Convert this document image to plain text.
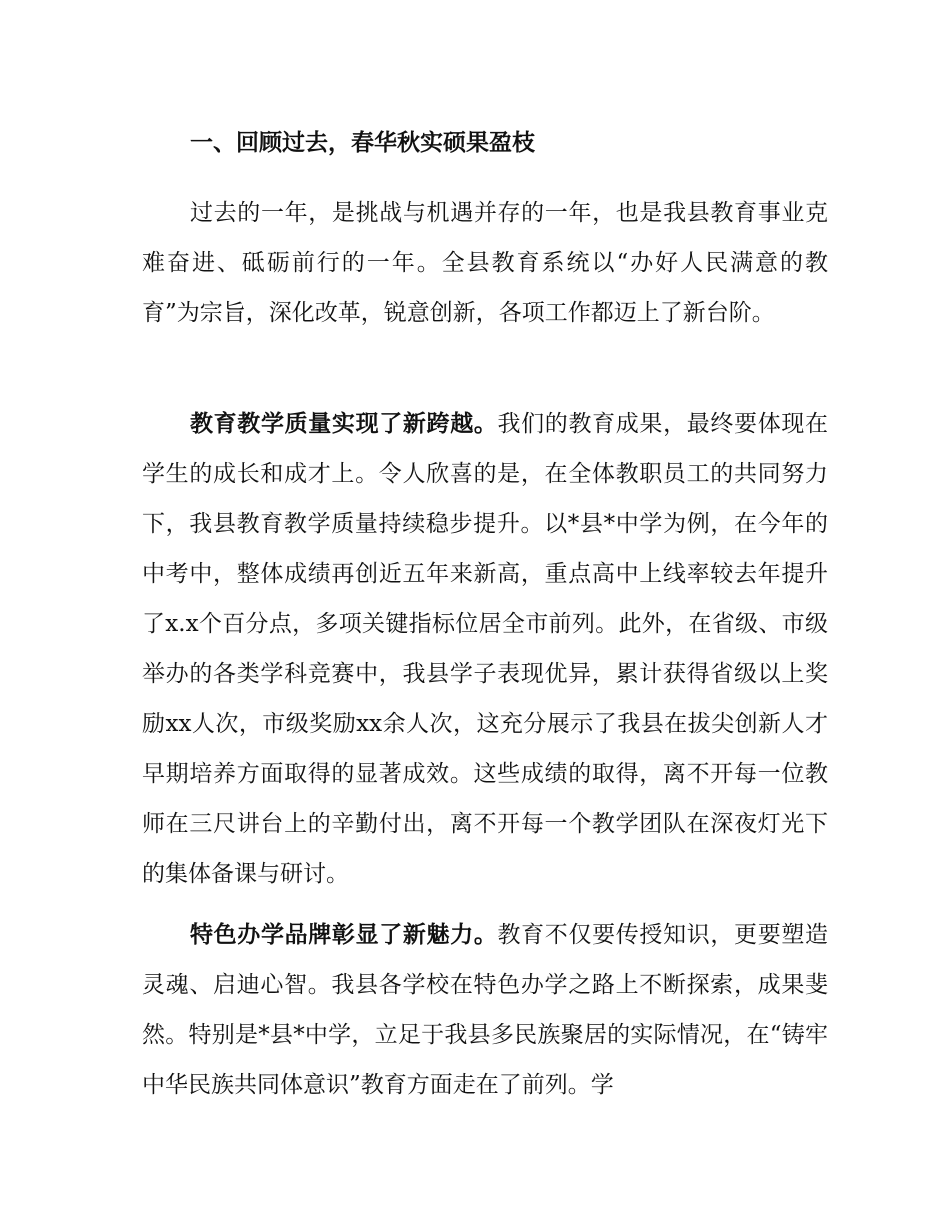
一、回顾过去，春华秋实硕果盈枝

过去的一年，是挑战与机遇并存的一年，也是我县教育事业克难奋进、砥砺前行的一年。全县教育系统以“办好人民满意的教育”为宗旨，深化改革，锐意创新，各项工作都迈上了新台阶。

教育教学质量实现了新跨越。我们的教育成果，最终要体现在学生的成长和成才上。令人欣喜的是，在全体教职员工的共同努力下，我县教育教学质量持续稳步提升。以*县*中学为例，在今年的中考中，整体成绩再创近五年来新高，重点高中上线率较去年提升了x.x个百分点，多项关键指标位居全市前列。此外，在省级、市级举办的各类学科竞赛中，我县学子表现优异，累计获得省级以上奖励xx人次，市级奖励xx余人次，这充分展示了我县在拔尖创新人才早期培养方面取得的显著成效。这些成绩的取得，离不开每一位教师在三尺讲台上的辛勤付出，离不开每一个教学团队在深夜灯光下的集体备课与研讨。

特色办学品牌彰显了新魅力。教育不仅要传授知识，更要塑造灵魂、启迪心智。我县各学校在特色办学之路上不断探索，成果斐然。特别是*县*中学，立足于我县多民族聚居的实际情况，在“铸牢中华民族共同体意识”教育方面走在了前列。学
